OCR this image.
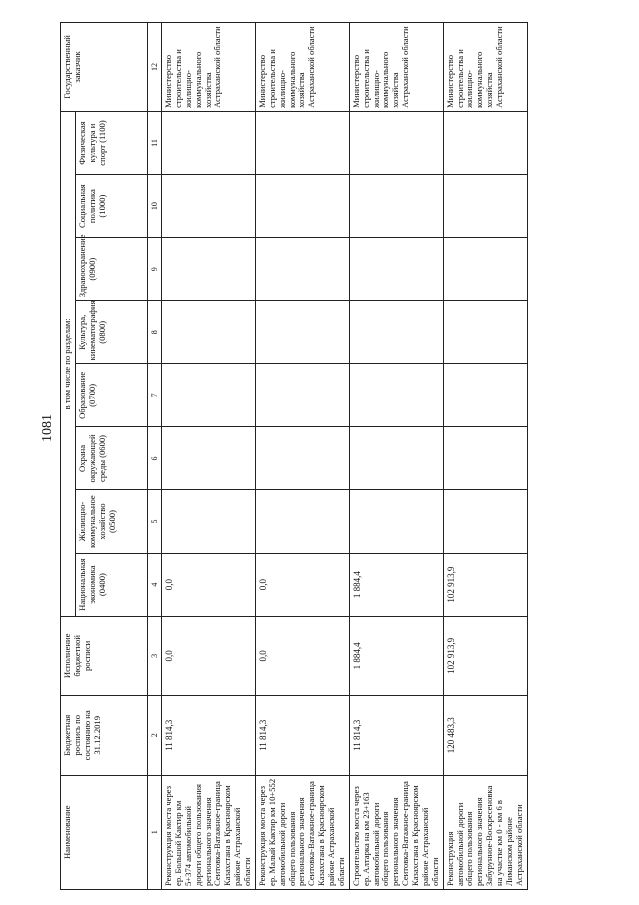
1081
Наименование	Бюджетная роспись по состоянию на 31.12.2019	Исполнение бюджетной росписи	в том числе по разделам:								Государственный заказчик
			Национальная экономика (0400)	Жилищно-коммунальное хозяйство (0500)	Охрана окружающей среды (0600)	Образование (0700)	Культура, кинематография (0800)	Здравоохранение (0900)	Социальная политика (1000)	Физическая культура и спорт (1100)	
1	2	3	4	5	6	7	8	9	10	11	12
Реконструкция моста через ер. Большой Кактир км 5+374 автомобильной дороги общего пользования регионального значения Сеитовка-Ватажное-граница Казахстана в Красноярском районе Астраханской области	11 814,3	0,0	0,0								Министерство строительства и жилищно-коммунального хозяйства Астраханской области
Реконструкция моста через ер. Малый Кактир км 10+552 автомобильной дороги общего пользования регионального значения Сеитовка-Ватажное-граница Казахстана в Красноярском районе Астраханской области	11 814,3	0,0	0,0								Министерство строительства и жилищно-коммунального хозяйства Астраханской области
Строительство моста через ер. Алтарка на км 23+163 автомобильной дороги общего пользования регионального значения Сеитовка-Ватажное-граница Казахстана в Красноярском районе Астраханской области	11 814,3	1 884,4	1 884,4								Министерство строительства и жилищно-коммунального хозяйства Астраханской области
Реконструкция автомобильной дороги общего пользования регионального значения Забурунное-Воскресеновка на участке км 0 - км 6 в Лиманском районе Астраханской области	120 483,3	102 913,9	102 913,9								Министерство строительства и жилищно-коммунального хозяйства Астраханской области
